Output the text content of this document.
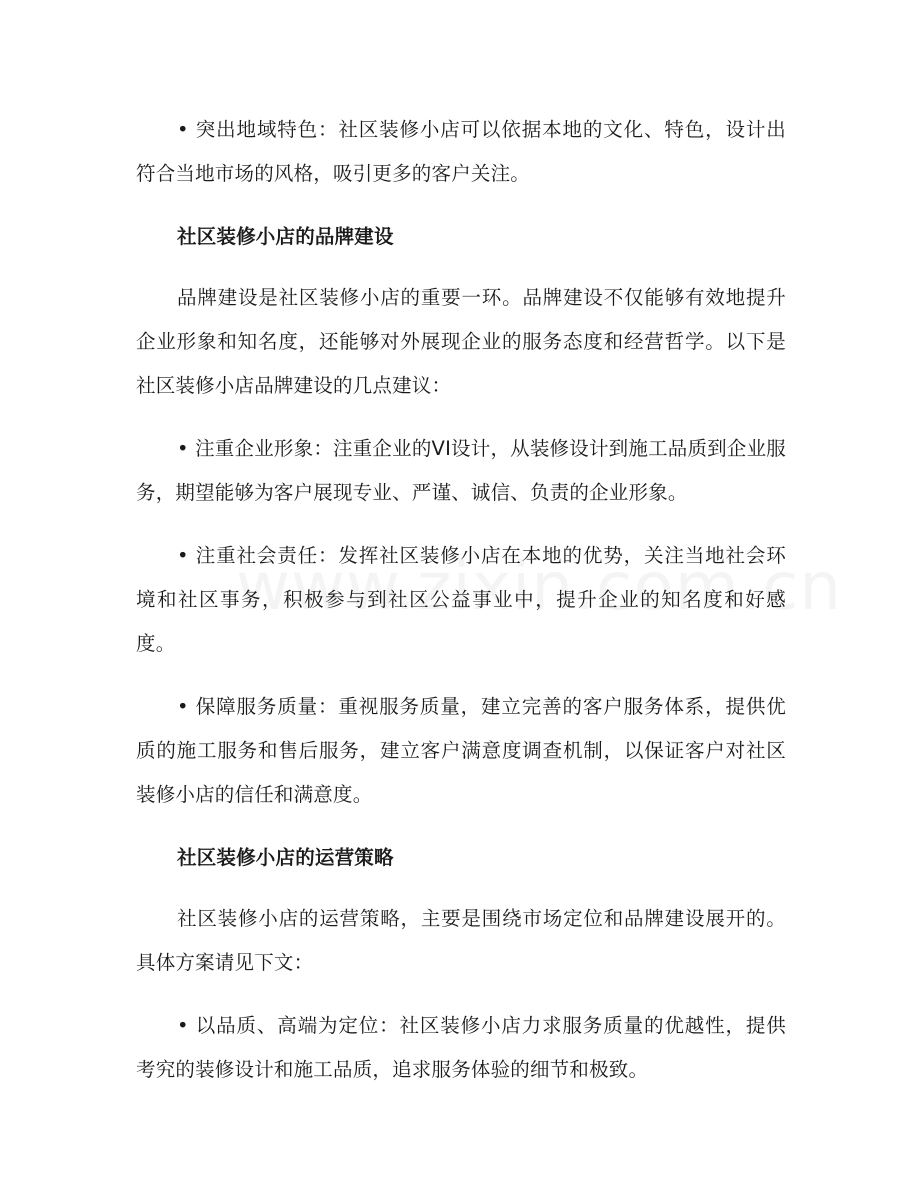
• 突出地域特色：社区装修小店可以依据本地的文化、特色，设计出符合当地市场的风格，吸引更多的客户关注。

社区装修小店的品牌建设

品牌建设是社区装修小店的重要一环。品牌建设不仅能够有效地提升企业形象和知名度，还能够对外展现企业的服务态度和经营哲学。以下是社区装修小店品牌建设的几点建议：

• 注重企业形象：注重企业的VI设计，从装修设计到施工品质到企业服务，期望能够为客户展现专业、严谨、诚信、负责的企业形象。

• 注重社会责任：发挥社区装修小店在本地的优势，关注当地社会环境和社区事务，积极参与到社区公益事业中，提升企业的知名度和好感度。

• 保障服务质量：重视服务质量，建立完善的客户服务体系，提供优质的施工服务和售后服务，建立客户满意度调查机制，以保证客户对社区装修小店的信任和满意度。

社区装修小店的运营策略

社区装修小店的运营策略，主要是围绕市场定位和品牌建设展开的。具体方案请见下文：

• 以品质、高端为定位：社区装修小店力求服务质量的优越性，提供考究的装修设计和施工品质，追求服务体验的细节和极致。
